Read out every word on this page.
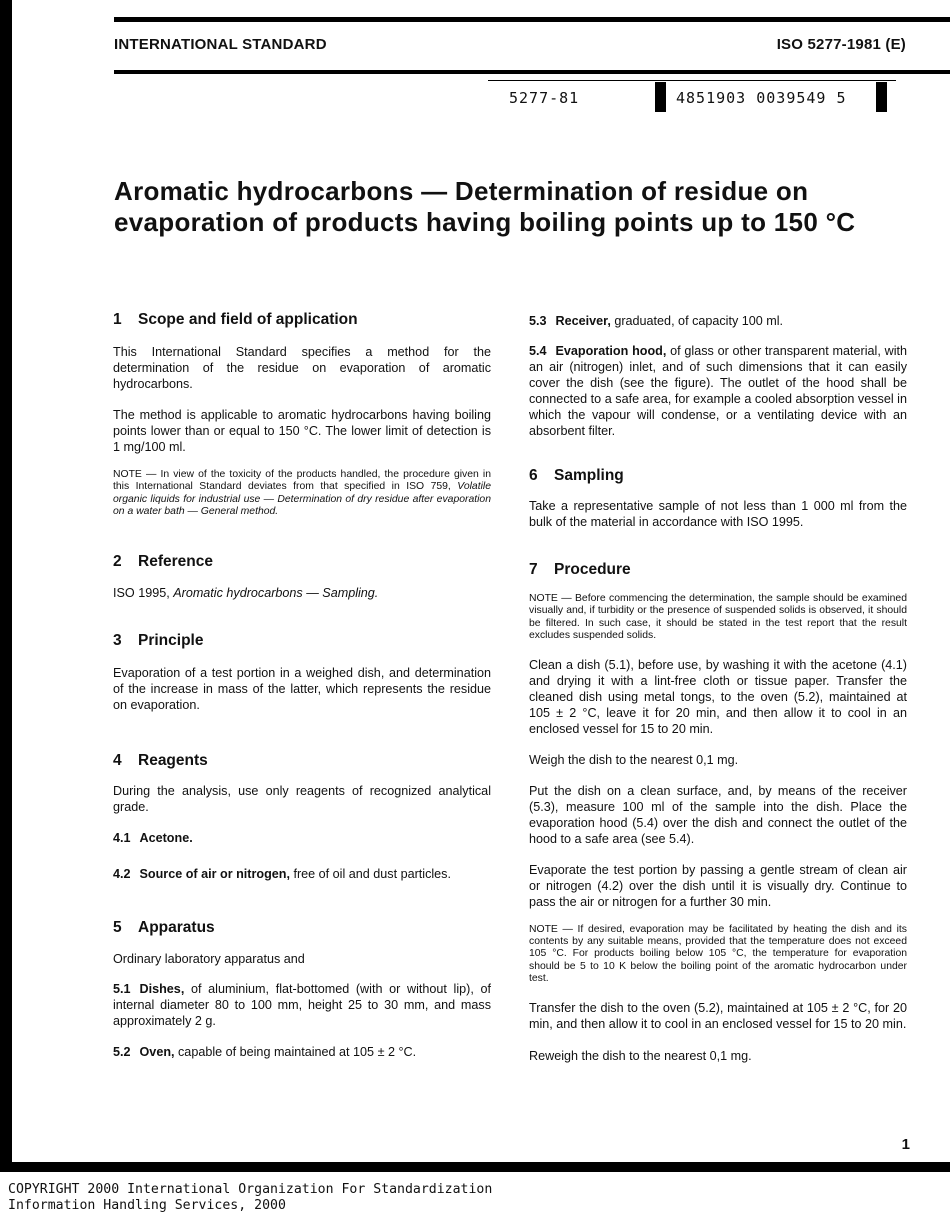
INTERNATIONAL STANDARD	ISO 5277-1981 (E)
5277-81	4851903 0039549 5
Aromatic hydrocarbons — Determination of residue on evaporation of products having boiling points up to 150 °C
1 Scope and field of application

This International Standard specifies a method for the determination of the residue on evaporation of aromatic hydrocarbons.

The method is applicable to aromatic hydrocarbons having boiling points lower than or equal to 150 °C. The lower limit of detection is 1 mg/100 ml.

NOTE — In view of the toxicity of the products handled, the procedure given in this International Standard deviates from that specified in ISO 759, Volatile organic liquids for industrial use — Determination of dry residue after evaporation on a water bath — General method.

2 Reference

ISO 1995, Aromatic hydrocarbons — Sampling.

3 Principle

Evaporation of a test portion in a weighed dish, and determination of the increase in mass of the latter, which represents the residue on evaporation.

4 Reagents

During the analysis, use only reagents of recognized analytical grade.

4.1 Acetone.

4.2 Source of air or nitrogen, free of oil and dust particles.

5 Apparatus

Ordinary laboratory apparatus and

5.1 Dishes, of aluminium, flat-bottomed (with or without lip), of internal diameter 80 to 100 mm, height 25 to 30 mm, and mass approximately 2 g.

5.2 Oven, capable of being maintained at 105 ± 2 °C.

5.3 Receiver, graduated, of capacity 100 ml.

5.4 Evaporation hood, of glass or other transparent material, with an air (nitrogen) inlet, and of such dimensions that it can easily cover the dish (see the figure). The outlet of the hood shall be connected to a safe area, for example a cooled absorption vessel in which the vapour will condense, or a ventilating device with an absorbent filter.

6 Sampling

Take a representative sample of not less than 1 000 ml from the bulk of the material in accordance with ISO 1995.

7 Procedure

NOTE — Before commencing the determination, the sample should be examined visually and, if turbidity or the presence of suspended solids is observed, it should be filtered. In such case, it should be stated in the test report that the result excludes suspended solids.

Clean a dish (5.1), before use, by washing it with the acetone (4.1) and drying it with a lint-free cloth or tissue paper. Transfer the cleaned dish using metal tongs, to the oven (5.2), maintained at 105 ± 2 °C, leave it for 20 min, and then allow it to cool in an enclosed vessel for 15 to 20 min.

Weigh the dish to the nearest 0,1 mg.

Put the dish on a clean surface, and, by means of the receiver (5.3), measure 100 ml of the sample into the dish. Place the evaporation hood (5.4) over the dish and connect the outlet of the hood to a safe area (see 5.4).

Evaporate the test portion by passing a gentle stream of clean air or nitrogen (4.2) over the dish until it is visually dry. Continue to pass the air or nitrogen for a further 30 min.

NOTE — If desired, evaporation may be facilitated by heating the dish and its contents by any suitable means, provided that the temperature does not exceed 105 °C. For products boiling below 105 °C, the temperature for evaporation should be 5 to 10 K below the boiling point of the aromatic hydrocarbon under test.

Transfer the dish to the oven (5.2), maintained at 105 ± 2 °C, for 20 min, and then allow it to cool in an enclosed vessel for 15 to 20 min.

Reweigh the dish to the nearest 0,1 mg.

1
COPYRIGHT 2000 International Organization For Standardization
Information Handling Services, 2000
